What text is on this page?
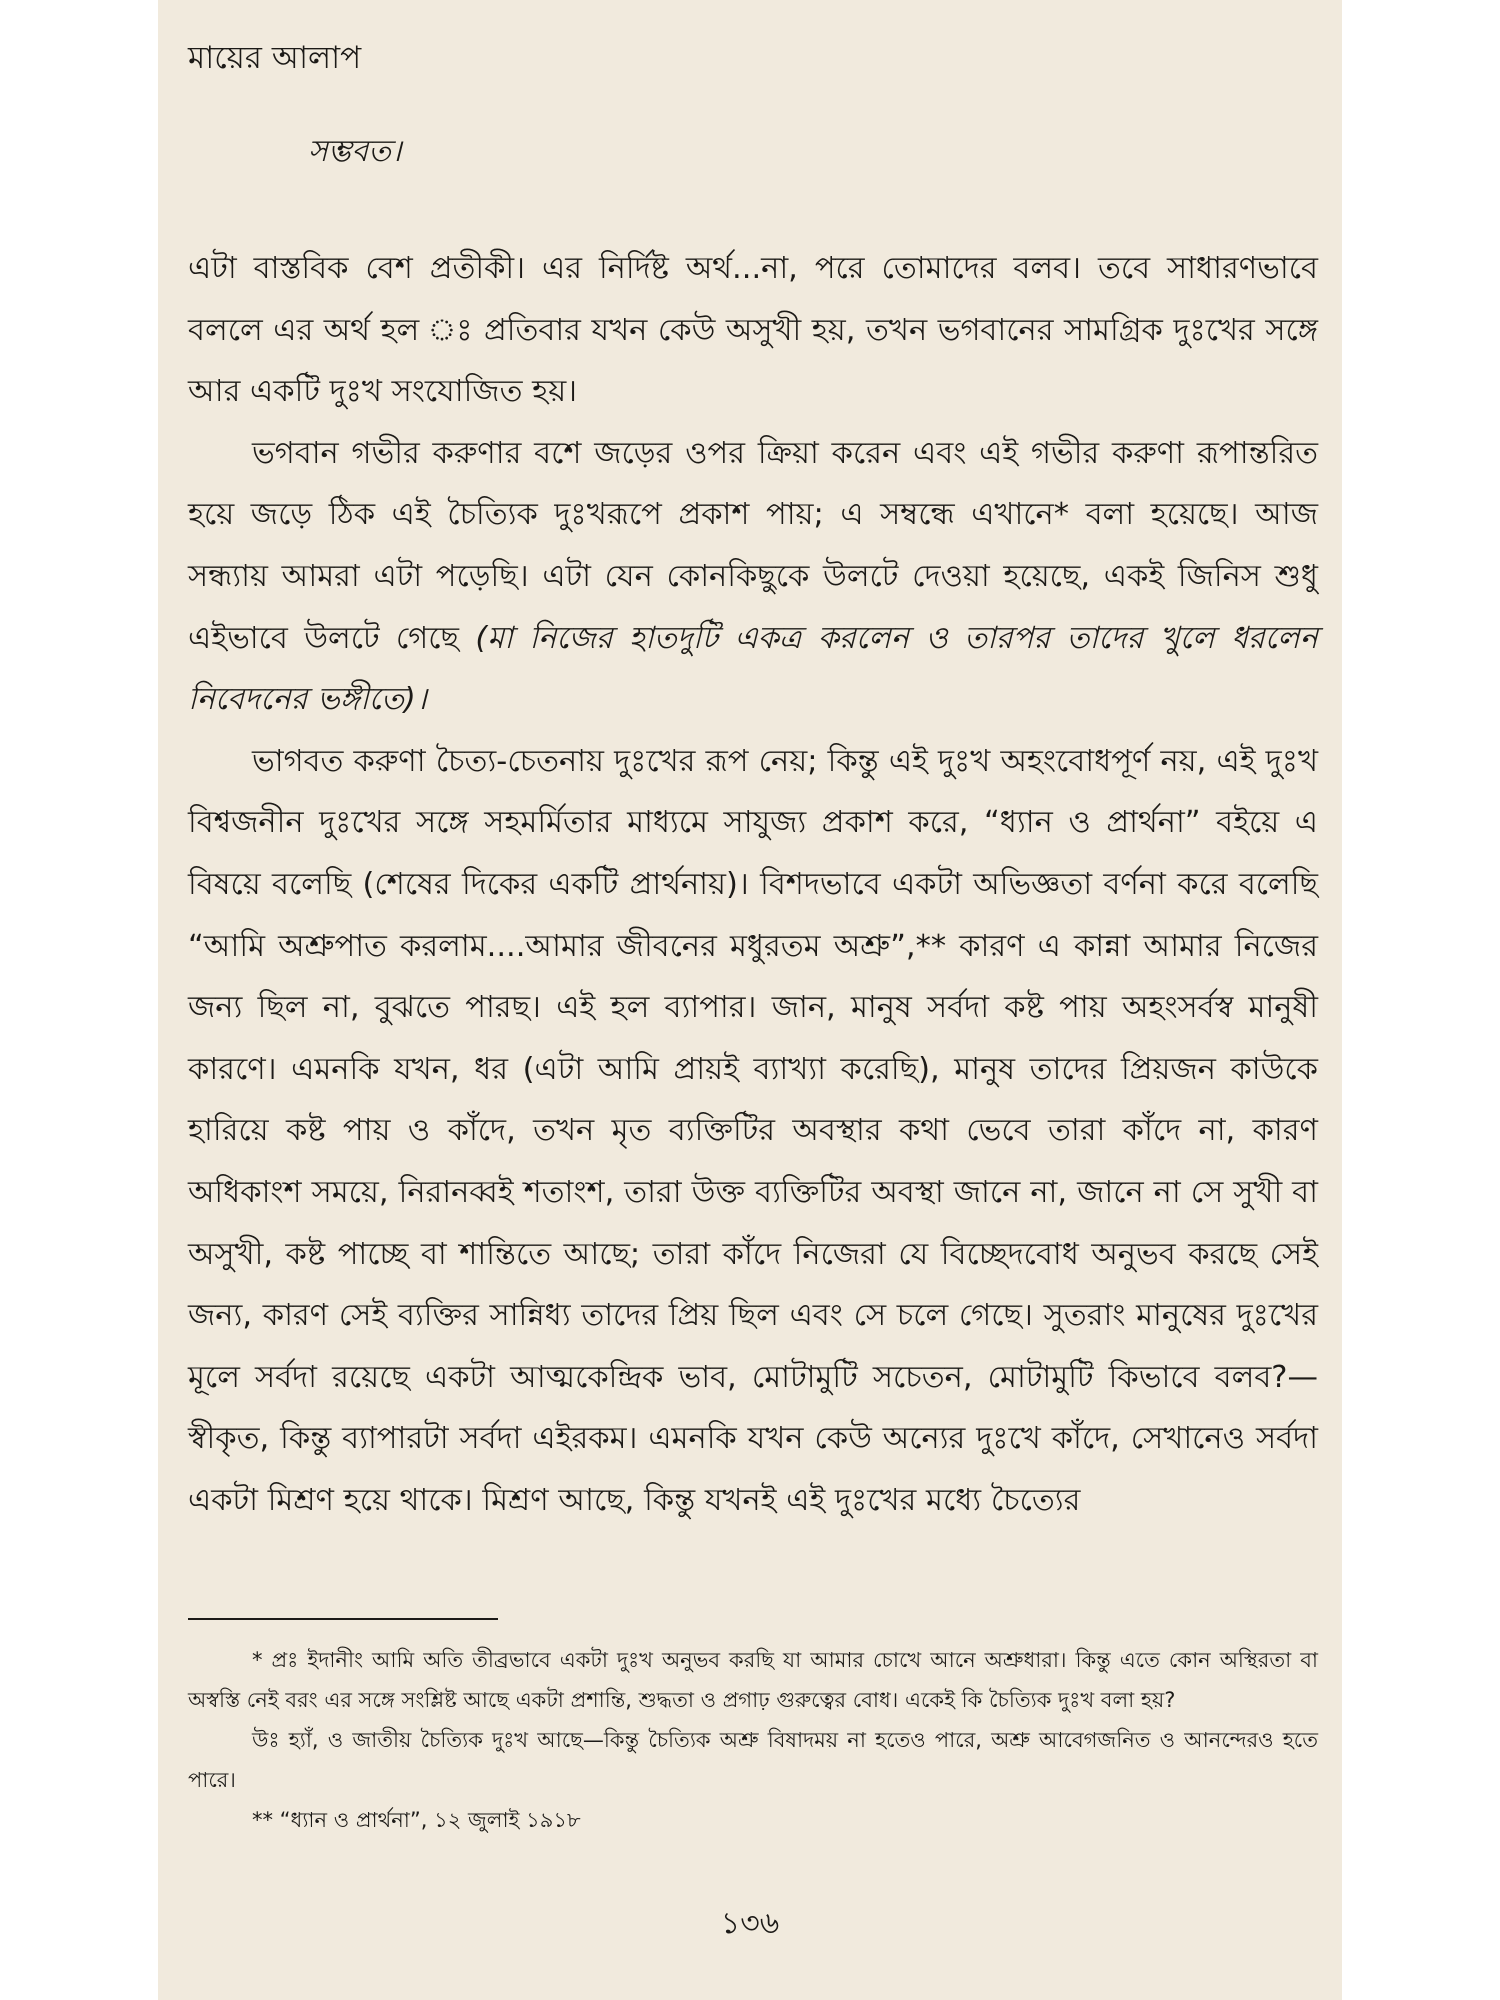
মায়ের আলাপ
সম্ভবত।

এটা বাস্তবিক বেশ প্রতীকী। এর নির্দিষ্ট অর্থ...না, পরে তোমাদের বলব। তবে সাধারণভাবে বললে এর অর্থ হল ঃ প্রতিবার যখন কেউ অসুখী হয়, তখন ভগবানের সামগ্রিক দুঃখের সঙ্গে আর একটি দুঃখ সংযোজিত হয়।

ভগবান গভীর করুণার বশে জড়ের ওপর ক্রিয়া করেন এবং এই গভীর করুণা রূপান্তরিত হয়ে জড়ে ঠিক এই চৈত্যিক দুঃখরূপে প্রকাশ পায়; এ সম্বন্ধে এখানে* বলা হয়েছে। আজ সন্ধ্যায় আমরা এটা পড়েছি। এটা যেন কোনকিছুকে উলটে দেওয়া হয়েছে, একই জিনিস শুধু এইভাবে উলটে গেছে (মা নিজের হাতদুটি একত্র করলেন ও তারপর তাদের খুলে ধরলেন নিবেদনের ভঙ্গীতে)।

ভাগবত করুণা চৈত্য-চেতনায় দুঃখের রূপ নেয়; কিন্তু এই দুঃখ অহংবোধপূর্ণ নয়, এই দুঃখ বিশ্বজনীন দুঃখের সঙ্গে সহমর্মিতার মাধ্যমে সাযুজ্য প্রকাশ করে, “ধ্যান ও প্রার্থনা” বইয়ে এ বিষয়ে বলেছি (শেষের দিকের একটি প্রার্থনায়)। বিশদভাবে একটা অভিজ্ঞতা বর্ণনা করে বলেছি “আমি অশ্রুপাত করলাম....আমার জীবনের মধুরতম অশ্রু”,** কারণ এ কান্না আমার নিজের জন্য ছিল না, বুঝতে পারছ। এই হল ব্যাপার। জান, মানুষ সর্বদা কষ্ট পায় অহংসর্বস্ব মানুষী কারণে। এমনকি যখন, ধর (এটা আমি প্রায়ই ব্যাখ্যা করেছি), মানুষ তাদের প্রিয়জন কাউকে হারিয়ে কষ্ট পায় ও কাঁদে, তখন মৃত ব্যক্তিটির অবস্থার কথা ভেবে তারা কাঁদে না, কারণ অধিকাংশ সময়ে, নিরানব্বই শতাংশ, তারা উক্ত ব্যক্তিটির অবস্থা জানে না, জানে না সে সুখী বা অসুখী, কষ্ট পাচ্ছে বা শান্তিতে আছে; তারা কাঁদে নিজেরা যে বিচ্ছেদবোধ অনুভব করছে সেই জন্য, কারণ সেই ব্যক্তির সান্নিধ্য তাদের প্রিয় ছিল এবং সে চলে গেছে। সুতরাং মানুষের দুঃখের মূলে সর্বদা রয়েছে একটা আত্মকেন্দ্রিক ভাব, মোটামুটি সচেতন, মোটামুটি কিভাবে বলব?—স্বীকৃত, কিন্তু ব্যাপারটা সর্বদা এইরকম। এমনকি যখন কেউ অন্যের দুঃখে কাঁদে, সেখানেও সর্বদা একটা মিশ্রণ হয়ে থাকে। মিশ্রণ আছে, কিন্তু যখনই এই দুঃখের মধ্যে চৈত্যের

* প্রঃ ইদানীং আমি অতি তীব্রভাবে একটা দুঃখ অনুভব করছি যা আমার চোখে আনে অশ্রুধারা। কিন্তু এতে কোন অস্থিরতা বা অস্বস্তি নেই বরং এর সঙ্গে সংশ্লিষ্ট আছে একটা প্রশান্তি, শুদ্ধতা ও প্রগাঢ় গুরুত্বের বোধ। একেই কি চৈত্যিক দুঃখ বলা হয়?

উঃ হ্যাঁ, ও জাতীয় চৈত্যিক দুঃখ আছে—কিন্তু চৈত্যিক অশ্রু বিষাদময় না হতেও পারে, অশ্রু আবেগজনিত ও আনন্দেরও হতে পারে।

** “ধ্যান ও প্রার্থনা”, ১২ জুলাই ১৯১৮

১৩৬
